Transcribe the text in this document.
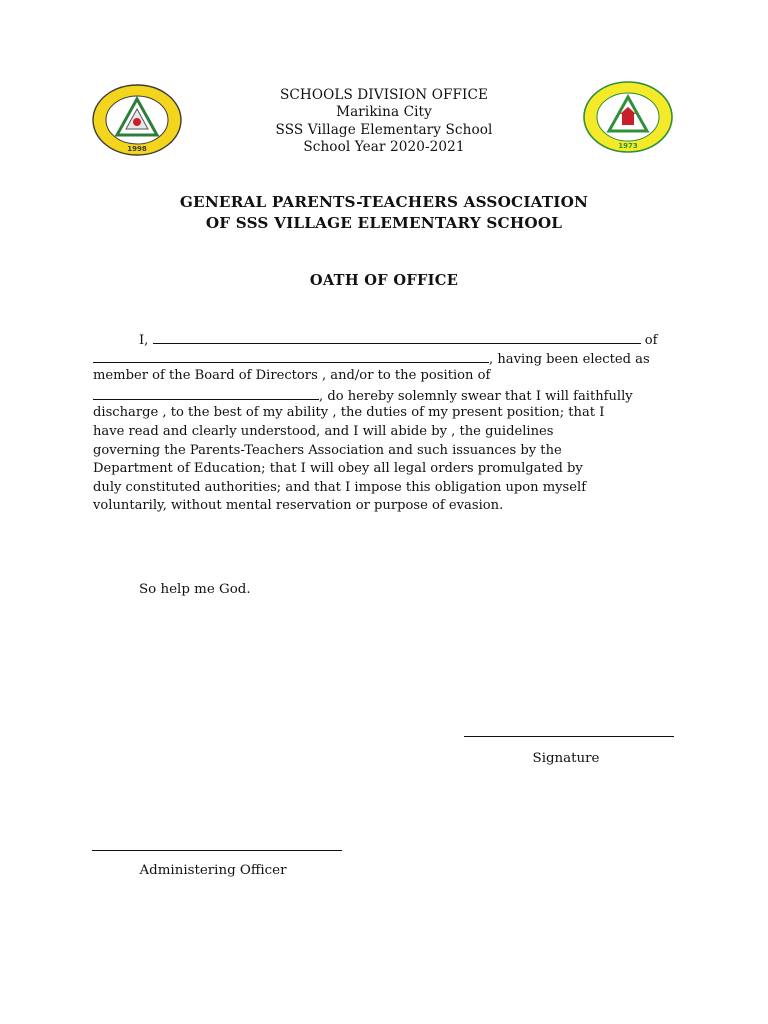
1998	1973
SCHOOLS DIVISION OFFICE
Marikina City
SSS Village Elementary School
School Year 2020-2021
GENERAL PARENTS-TEACHERS ASSOCIATION
OF SSS VILLAGE ELEMENTARY SCHOOL
OATH OF OFFICE
I,	of
, having been elected as
member of the Board of Directors , and/or to the position of
, do hereby solemnly swear that I will faithfully
discharge , to the best of my ability , the duties of my present position; that I
have read and clearly understood, and I will abide by , the guidelines
governing the Parents-Teachers Association and such issuances by the
Department of Education; that I will obey all legal orders promulgated by
duly constituted authorities; and that I impose this obligation upon myself
voluntarily, without mental reservation or purpose of evasion.
So help me God.
Signature
Administering Officer
